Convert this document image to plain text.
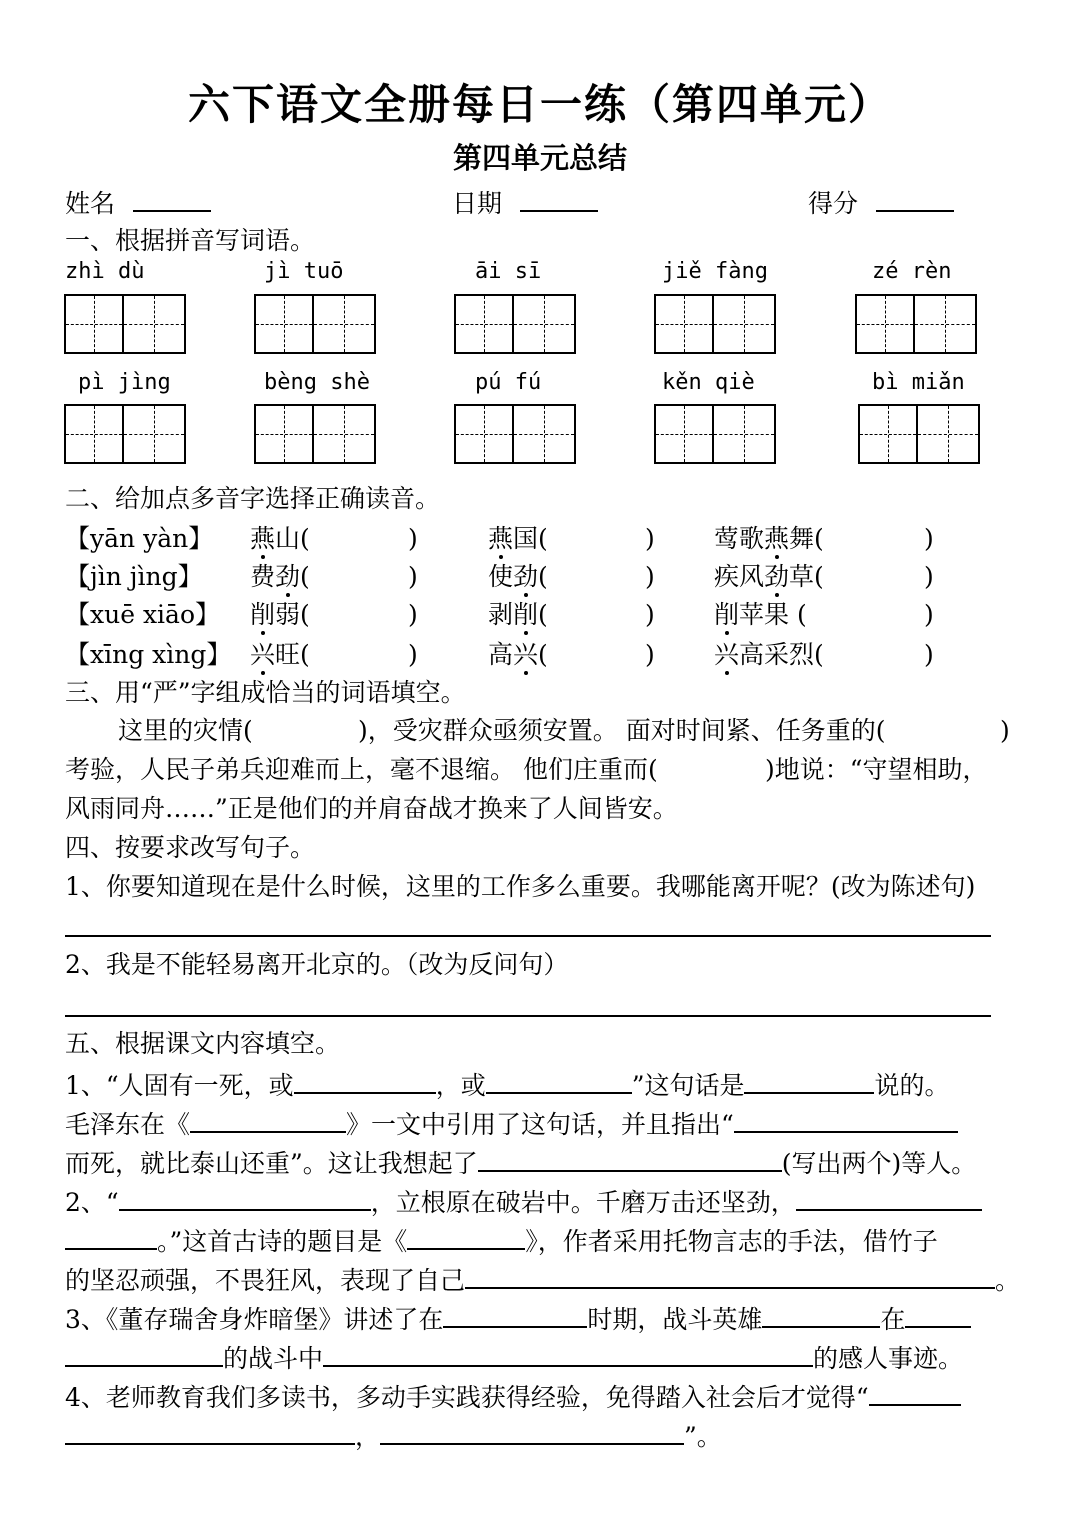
六下语文全册每日一练（第四单元）
第四单元总结
姓名	日期	得分
一、根据拼音写词语。
zhì dù	jì tuō	āi sī	jiě fàng	zé rèn
pì jìng	bèng shè	pú fú	kěn qiè	bì miǎn
二、给加点多音字选择正确读音。
【yān yàn】 燕山(	)	燕国(	) 莺歌燕舞(	)
【jìn jìng】 费劲(	)	使劲(	) 疾风劲草(	)
【xuē xiāo】 削弱(	)	剥削(	) 削苹果 (	)
【xīng xìng】 兴旺(	)	高兴(	) 兴高采烈(	)
三、用“严”字组成恰当的词语填空。
这里的灾情(	)，受灾群众亟须安置。 面对时间紧、任务重的(	)
考验，人民子弟兵迎难而上，毫不退缩。 他们庄重而(	)地说：“守望相助，
风雨同舟……”正是他们的并肩奋战才换来了人间皆安。
四、按要求改写句子。
1、你要知道现在是什么时候，这里的工作多么重要。我哪能离开呢？(改为陈述句)
2、我是不能轻易离开北京的。（改为反问句）
五、根据课文内容填空。
1、“人固有一死，或	，或	”这句话是	说的。
毛泽东在《	》一文中引用了这句话，并且指出“
而死，就比泰山还重”。这让我想起了	(写出两个)等人。
2、“	，立根原在破岩中。千磨万击还坚劲，
。”这首古诗的题目是《	》，作者采用托物言志的手法，借竹子
的坚忍顽强，不畏狂风，表现了自己	。
3、《董存瑞舍身炸暗堡》讲述了在	时期，战斗英雄	在
的战斗中	的感人事迹。
4、老师教育我们多读书，多动手实践获得经验，免得踏入社会后才觉得“
，	”。
